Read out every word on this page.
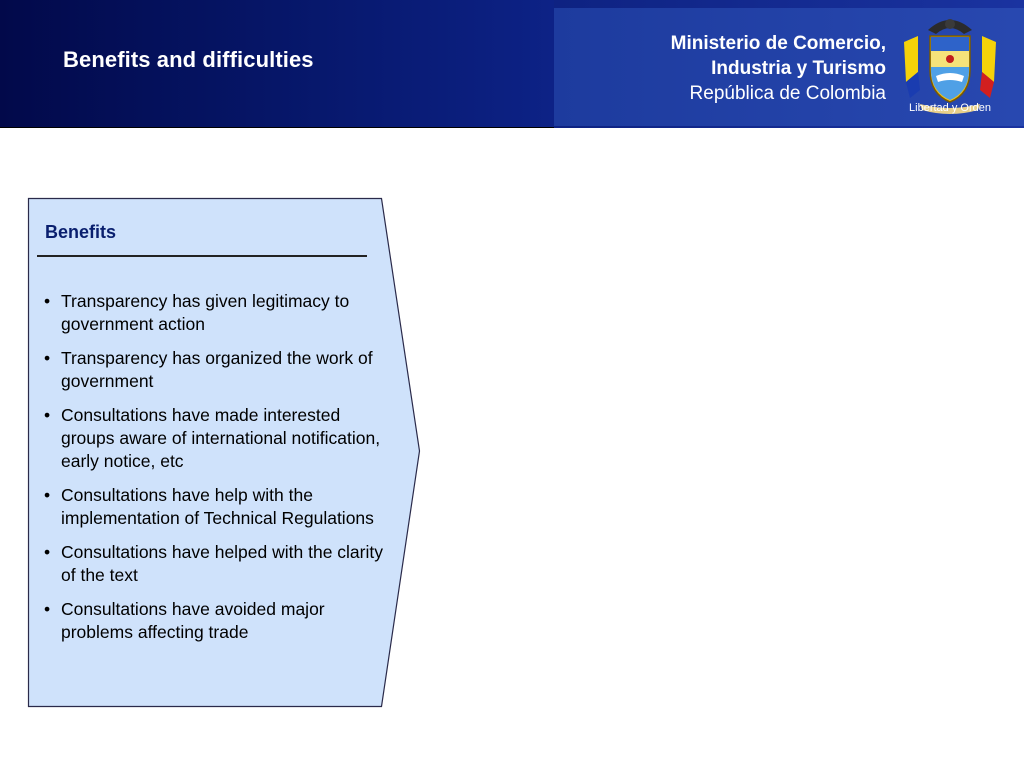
Benefits and difficulties
Ministerio de Comercio,
Industria y Turismo
República de Colombia
Libertad y Orden
Benefits
• Transparency has given legitimacy to government action
• Transparency has organized the work of government
• Consultations have made interested groups aware of international notification, early notice, etc
• Consultations have help with the implementation of Technical Regulations
• Consultations have helped with the clarity of the text
• Consultations have avoided major problems affecting trade
